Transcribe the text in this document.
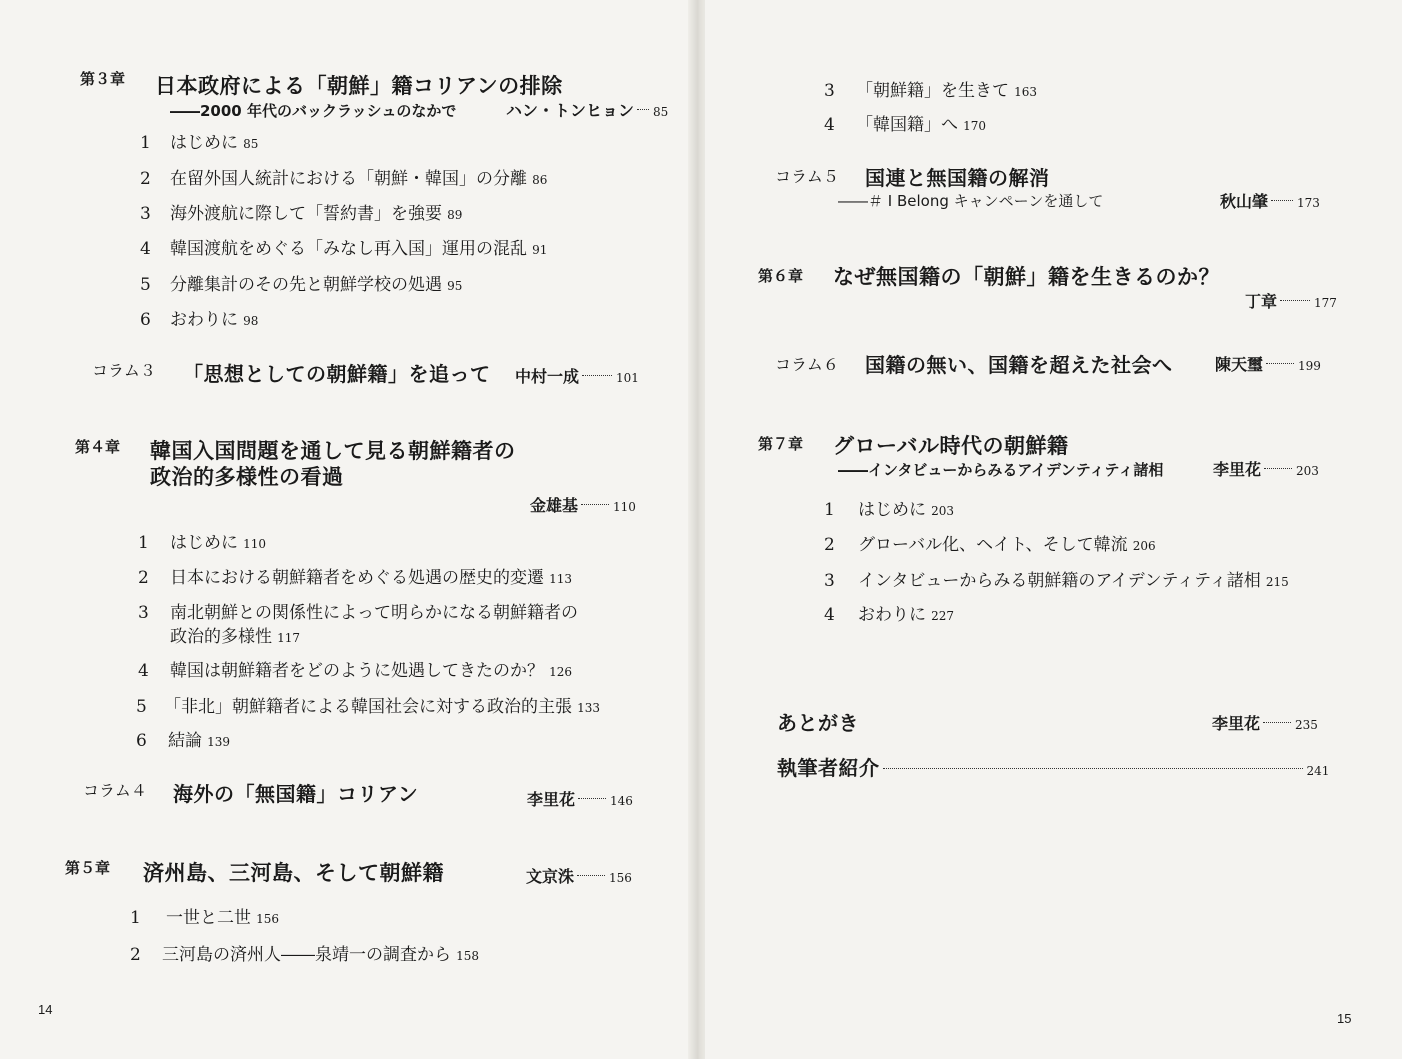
第３章 日本政府による「朝鮮」籍コリアンの排除
――2000 年代のバックラッシュのなかで	ハン・トンヒョン 85
1 はじめに 85
2 在留外国人統計における「朝鮮・韓国」の分離 86
3 海外渡航に際して「誓約書」を強要 89
4 韓国渡航をめぐる「みなし再入国」運用の混乱 91
5 分離集計のその先と朝鮮学校の処遇 95
6 おわりに 98
コラム３ 「思想としての朝鮮籍」を追って 中村一成	101
第４章 韓国入国問題を通して見る朝鮮籍者の
政治的多様性の看過
金雄基	110
1 はじめに 110
2 日本における朝鮮籍者をめぐる処遇の歴史的変遷 113
3 南北朝鮮との関係性によって明らかになる朝鮮籍者の
政治的多様性 117
4 韓国は朝鮮籍者をどのように処遇してきたのか？ 126
5 「非北」朝鮮籍者による韓国社会に対する政治的主張 133
6 結論 139
コラム４ 海外の「無国籍」コリアン	李里花	146
第５章 済州島、三河島、そして朝鮮籍	文京洙	156
1 一世と二世 156
2 三河島の済州人――泉靖一の調査から 158
14
3 「朝鮮籍」を生きて 163
4 「韓国籍」へ 170
コラム５ 国連と無国籍の解消
――＃ I Belong キャンペーンを通して	秋山肇 173
第６章 なぜ無国籍の「朝鮮」籍を生きるのか？
丁章	177
コラム６ 国籍の無い、国籍を超えた社会へ	陳天璽	199
第７章 グローバル時代の朝鮮籍
――インタビューからみるアイデンティティ諸相	李里花	203
1 はじめに 203
2 グローバル化、ヘイト、そして韓流 206
3 インタビューからみる朝鮮籍のアイデンティティ諸相 215
4 おわりに 227
あとがき	李里花	235
執筆者紹介	241
15
